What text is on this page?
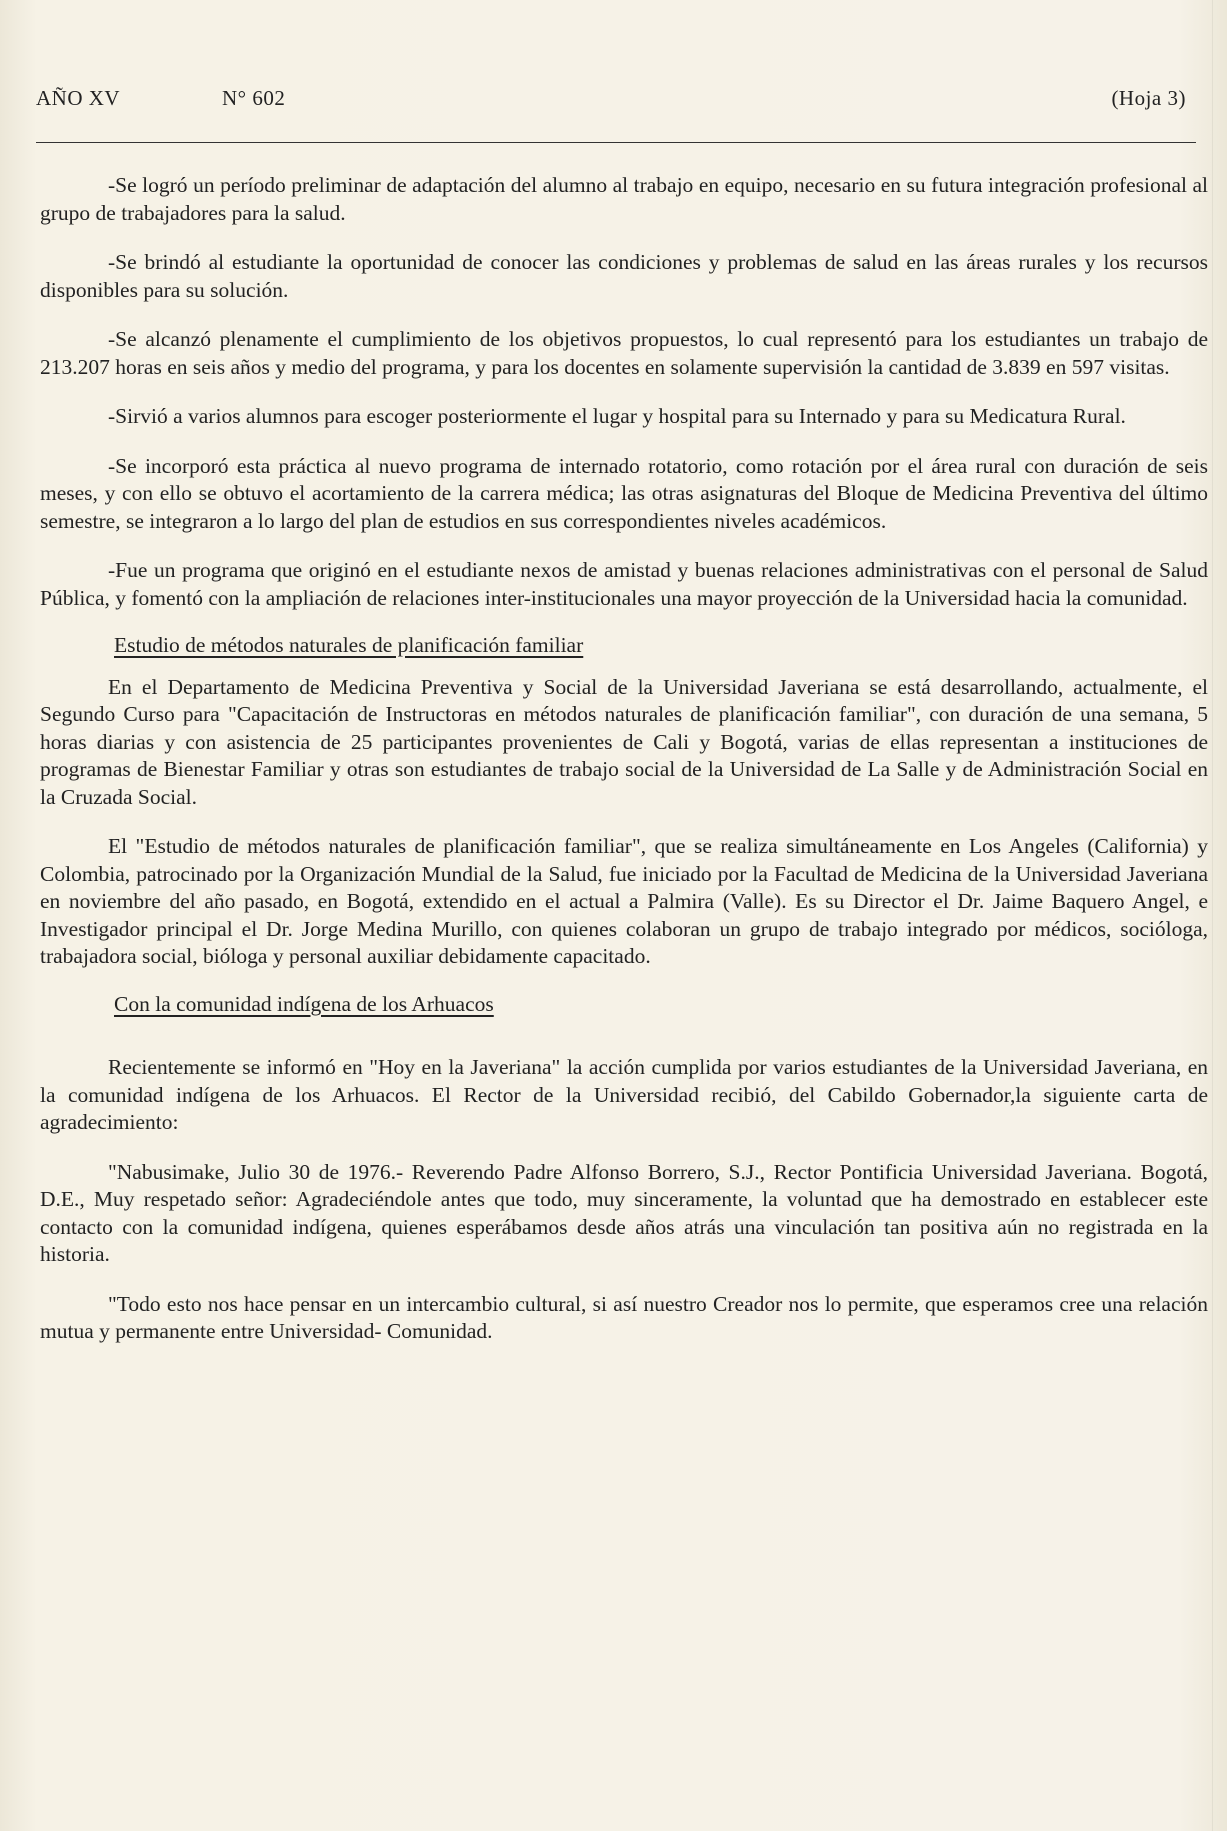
AÑO XV	N° 602	(Hoja 3)

-Se logró un período preliminar de adaptación del alumno al trabajo en equipo, necesario en su futura integración profesional al grupo de trabajadores para la salud.

-Se brindó al estudiante la oportunidad de conocer las condiciones y problemas de salud en las áreas rurales y los recursos disponibles para su solución.

-Se alcanzó plenamente el cumplimiento de los objetivos propuestos, lo cual representó para los estudiantes un trabajo de 213.207 horas en seis años y medio del programa, y para los docentes en solamente supervisión la cantidad de 3.839 en 597 visitas.

-Sirvió a varios alumnos para escoger posteriormente el lugar y hospital para su Internado y para su Medicatura Rural.

-Se incorporó esta práctica al nuevo programa de internado rotatorio, como rotación por el área rural con duración de seis meses, y con ello se obtuvo el acortamiento de la carrera médica; las otras asignaturas del Bloque de Medicina Preventiva del último semestre, se integraron a lo largo del plan de estudios en sus correspondientes niveles académicos.

-Fue un programa que originó en el estudiante nexos de amistad y buenas relaciones administrativas con el personal de Salud Pública, y fomentó con la ampliación de relaciones inter-institucionales una mayor proyección de la Universidad hacia la comunidad.

Estudio de métodos naturales de planificación familiar

En el Departamento de Medicina Preventiva y Social de la Universidad Javeriana se está desarrollando, actualmente, el Segundo Curso para "Capacitación de Instructoras en métodos naturales de planificación familiar", con duración de una semana, 5 horas diarias y con asistencia de 25 participantes provenientes de Cali y Bogotá, varias de ellas representan a instituciones de programas de Bienestar Familiar y otras son estudiantes de trabajo social de la Universidad de La Salle y de Administración Social en la Cruzada Social.

El "Estudio de métodos naturales de planificación familiar", que se realiza simultáneamente en Los Angeles (California) y Colombia, patrocinado por la Organización Mundial de la Salud, fue iniciado por la Facultad de Medicina de la Universidad Javeriana en noviembre del año pasado, en Bogotá, extendido en el actual a Palmira (Valle). Es su Director el Dr. Jaime Baquero Angel, e Investigador principal el Dr. Jorge Medina Murillo, con quienes colaboran un grupo de trabajo integrado por médicos, socióloga, trabajadora social, bióloga y personal auxiliar debidamente capacitado.

Con la comunidad indígena de los Arhuacos

Recientemente se informó en "Hoy en la Javeriana" la acción cumplida por varios estudiantes de la Universidad Javeriana, en la comunidad indígena de los Arhuacos. El Rector de la Universidad recibió, del Cabildo Gobernador,la siguiente carta de agradecimiento:

"Nabusimake, Julio 30 de 1976.- Reverendo Padre Alfonso Borrero, S.J., Rector Pontificia Universidad Javeriana. Bogotá, D.E., Muy respetado señor: Agradeciéndole antes que todo, muy sinceramente, la voluntad que ha demostrado en establecer este contacto con la comunidad indígena, quienes esperábamos desde años atrás una vinculación tan positiva aún no registrada en la historia.

"Todo esto nos hace pensar en un intercambio cultural, si así nuestro Creador nos lo permite, que esperamos cree una relación mutua y permanente entre Universidad- Comunidad.
